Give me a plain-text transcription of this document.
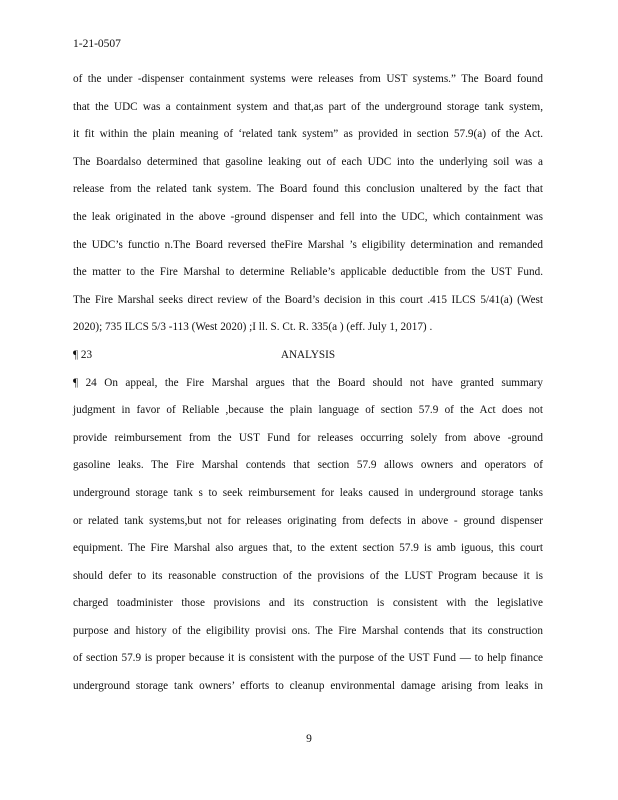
1-21-0507
of the under -dispenser containment systems were releases from UST systems.” The Board found
that the UDC was a containment system and that,as part of the underground storage tank system,
it fit within the plain meaning of ‘related tank system” as provided in section 57.9(a) of the Act.
The Boardalso determined that gasoline leaking out of each UDC into the underlying soil was a
release from the related tank system. The Board found this conclusion unaltered by the fact that
the leak originated in the above -ground dispenser and fell into the UDC, which containment was
the UDC’s functio n.The Board reversed theFire Marshal ’s eligibility determination and remanded
the matter to the Fire Marshal to determine Reliable’s applicable deductible from the UST Fund.
The Fire Marshal seeks direct review of the Board’s decision in this court .415 ILCS 5/41(a) (West
2020); 735 ILCS 5/3 -113 (West 2020) ;I ll. S. Ct. R. 335(a ) (eff. July 1, 2017) .
¶ 23	ANALYSIS
¶ 24 On appeal, the Fire Marshal argues that the Board should not have granted summary
judgment in favor of Reliable ,because the plain language of section 57.9 of the Act does not
provide reimbursement from the UST Fund for releases occurring solely from above -ground
gasoline leaks. The Fire Marshal contends that section 57.9 allows owners and operators of
underground storage tank s to seek reimbursement for leaks caused in underground storage tanks
or related tank systems,but not for releases originating from defects in above - ground dispenser
equipment. The Fire Marshal also argues that, to the extent section 57.9 is amb iguous, this court
should defer to its reasonable construction of the provisions of the LUST Program because it is
charged toadminister those provisions and its construction is consistent with the legislative
purpose and history of the eligibility provisi ons. The Fire Marshal contends that its construction
of section 57.9 is proper because it is consistent with the purpose of the UST Fund — to help finance
underground storage tank owners’ efforts to cleanup environmental damage arising from leaks in
9
